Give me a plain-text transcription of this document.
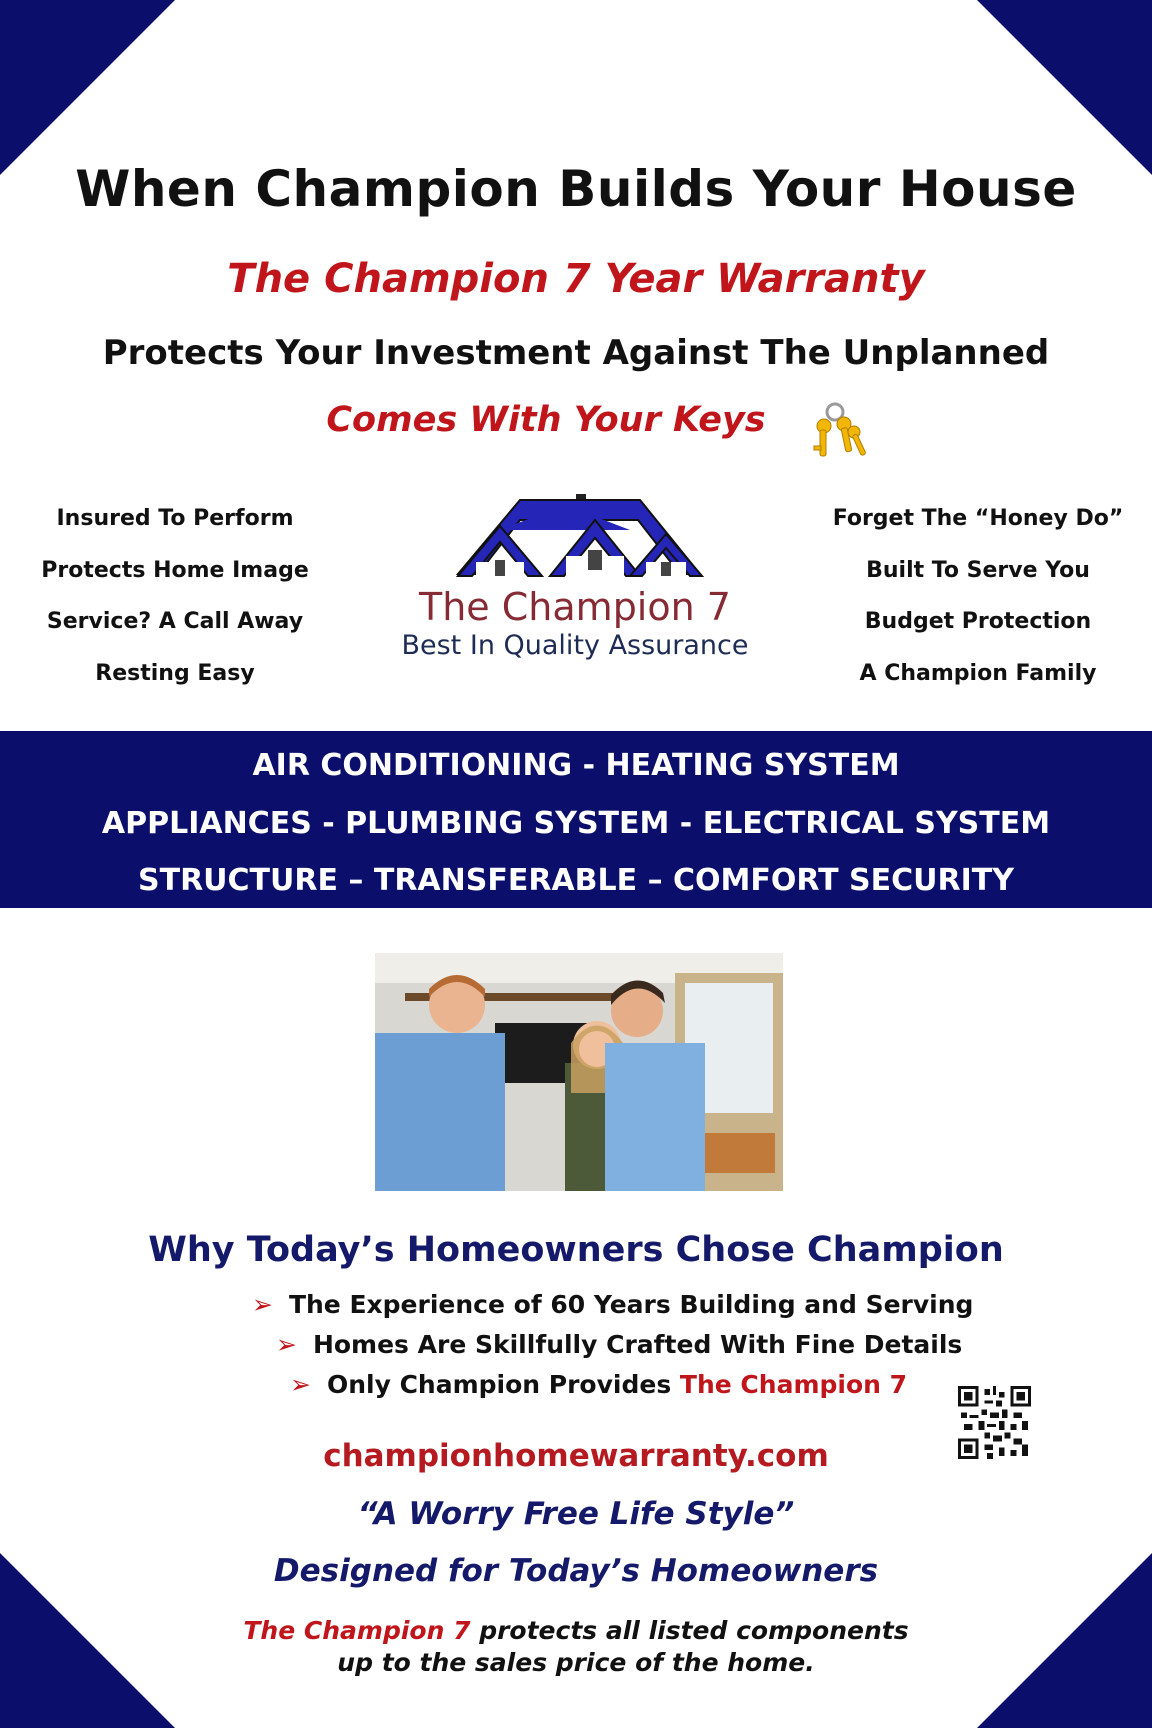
When Champion Builds Your House
The Champion 7 Year Warranty
Protects Your Investment Against The Unplanned
Comes With Your Keys
Insured To Perform
Protects Home Image
Service? A Call Away
Resting Easy
The Champion 7
Best In Quality Assurance
Forget The “Honey Do”
Built To Serve You
Budget Protection
A Champion Family
AIR CONDITIONING - HEATING SYSTEM
APPLIANCES - PLUMBING SYSTEM - ELECTRICAL SYSTEM
STRUCTURE – TRANSFERABLE – COMFORT SECURITY
Why Today’s Homeowners Chose Champion
➢ The Experience of 60 Years Building and Serving
➢ Homes Are Skillfully Crafted With Fine Details
➢ Only Champion Provides The Champion 7
championhomewarranty.com
“A Worry Free Life Style”
Designed for Today’s Homeowners
The Champion 7 protects all listed components
up to the sales price of the home.
